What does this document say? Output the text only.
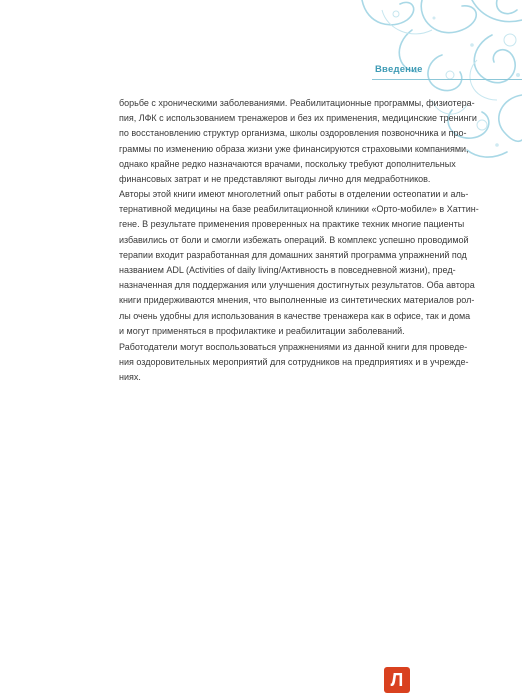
Введение
борьбе с хроническими заболеваниями. Реабилитационные программы, физиотера-
пия, ЛФК с использованием тренажеров и без их применения, медицинские тренинги
по восстановлению структур организма, школы оздоровления позвоночника и про-
граммы по изменению образа жизни уже финансируются страховыми компаниями,
однако крайне редко назначаются врачами, поскольку требуют дополнительных
финансовых затрат и не представляют выгоды лично для медработников.
Авторы этой книги имеют многолетний опыт работы в отделении остеопатии и аль-
тернативной медицины на базе реабилитационной клиники «Орто-мобиле» в Хаттин-
гене. В результате применения проверенных на практике техник многие пациенты
избавились от боли и смогли избежать операций. В комплекс успешно проводимой
терапии входит разработанная для домашних занятий программа упражнений под
названием ADL (Activities of daily living/Активность в повседневной жизни), пред-
назначенная для поддержания или улучшения достигнутых результатов. Оба автора
книги придерживаются мнения, что выполненные из синтетических материалов рол-
лы очень удобны для использования в качестве тренажера как в офисе, так и дома
и могут применяться в профилактике и реабилитации заболеваний.
Работодатели могут воспользоваться упражнениями из данной книги для проведе-
ния оздоровительных мероприятий для сотрудников на предприятиях и в учрежде-
ниях.
Л
